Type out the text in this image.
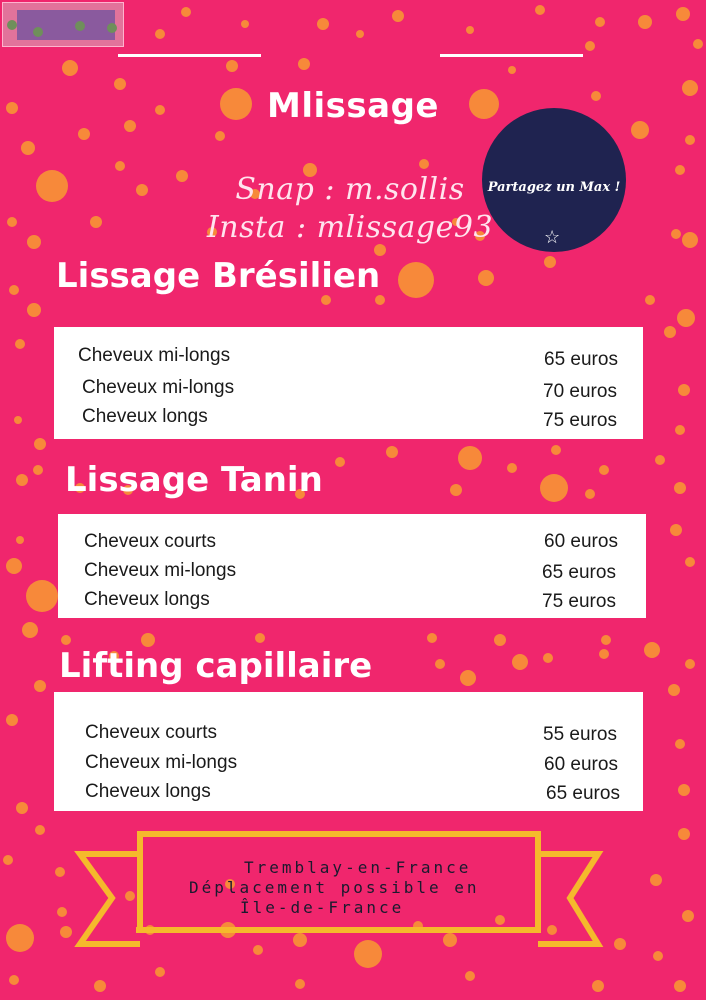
Mlissage
Snap : m.sollis
Insta : mlissage93
Partagez un Max !
☆
Lissage Brésilien
Cheveux mi-longs	65 euros
Cheveux mi-longs	70 euros
Cheveux longs	75 euros
Lissage Tanin
Cheveux courts	60 euros
Cheveux mi-longs	65 euros
Cheveux longs	75 euros
Lifting capillaire
Cheveux courts	55 euros
Cheveux mi-longs	60 euros
Cheveux longs	65 euros
Tremblay-en-France
Déplacement possible en
Île-de-France
